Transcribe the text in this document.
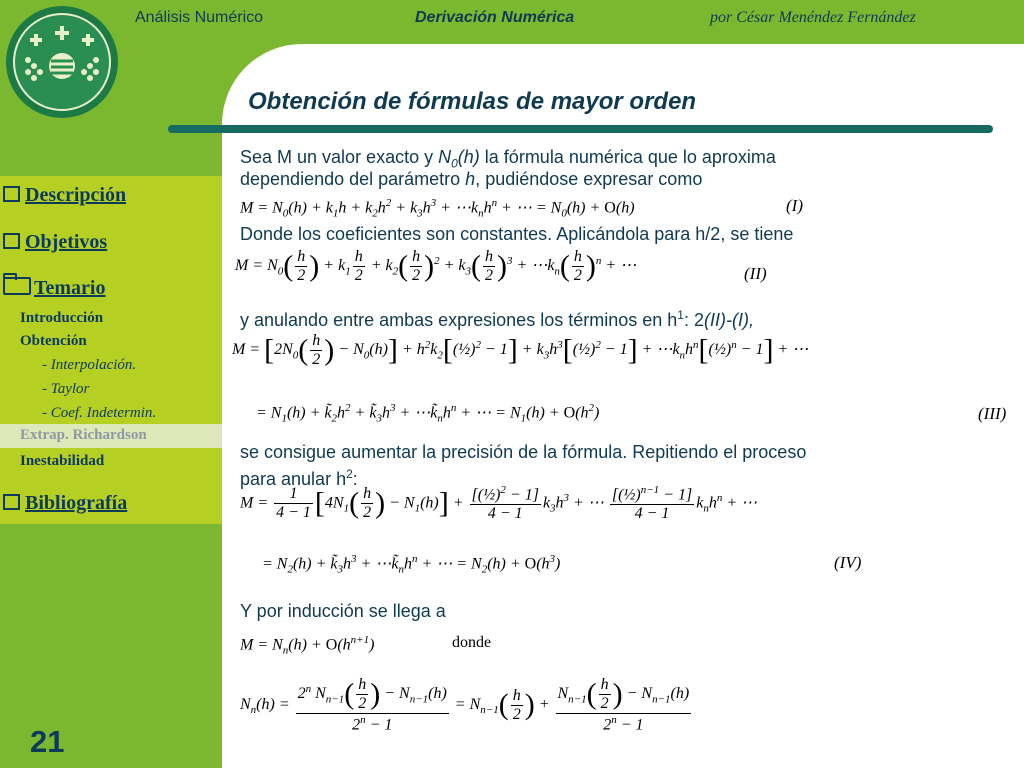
Análisis Numérico	Derivación Numérica	por César Menéndez Fernández
Obtención de fórmulas de mayor orden
Descripción
Objetivos
Temario
Introducción
Obtención
- Interpolación.
- Taylor
- Coef. Indetermin.
Extrap. Richardson
Inestabilidad
Bibliografía
21
Sea M un valor exacto y $N_0(h)$ la fórmula numérica que lo aproxima
dependiendo del parámetro h, pudiéndose expresar como
$M = N_0(h) + k_1h + k_2h^2 + k_3h^3$ + $\cdots k_nh^n$ + ⋯ = $N_0(h) + O(h)$	(I)
Donde los coeficientes son constantes. Aplicándola para h/2, se tiene
$M = N_0( \frac{h}{2}$ ) + $k_1 \frac{h}{2} + k_2( \frac{h}{2} )^2 + k_3( \frac{h}{2} )^3$ + $\cdots k_n( \frac{h}{2} )^n$ + ⋯	(II)
y anulando entre ambas expresiones los términos en $h^1$: 2(II)-(I),
$M = [2N_0( \frac{h}{2}$ ) − $N_0(h)$] + $h^2k_2[(\frac{1}{2})^2 - 1]$ + $k_3h^3[(\frac{1}{2})^2 - 1]$ + $\cdots k_nh^n[(\frac{1}{2})^n - 1]$ + ⋯
= $N_1(h)$ + $k̃_2h^2$ + $k̃_3h^3$ + $\cdots k̃_nh^n$ + ⋯ = $N_1(h) + O(h^2)$	(III)
se consigue aumentar la precisión de la fórmula. Repitiendo el proceso
para anular $h^2$:
$M = \frac{1}{4 - 1} [4N_1( \frac{h}{2}$ ) − $N_1(h)] + \frac{[(\frac{1}{2})^2 - 1]}{4 - 1} k_3h^3$ + ⋯ $\frac{[(\frac{1}{2})^{n-1} - 1]}{4 - 1} k_nh^n$ + ⋯
= $N_2(h)$ + $k̃_3h^3$ + $\cdots k̃_nh^n$ + ⋯ = $N_2(h) + O(h^3)$	(IV)
Y por inducción se llega a
$M = N_n(h) + O(h^{n+1})$	donde
$N_n(h) = \frac{2^n N_{n-1}( \frac{h}{2} ) - N_{n-1}(h)}{2^n - 1} = N_{n-1}( \frac{h}{2}$ ) + $\frac{N_{n-1}( \frac{h}{2} ) - N_{n-1}(h)}{2^n - 1}$
